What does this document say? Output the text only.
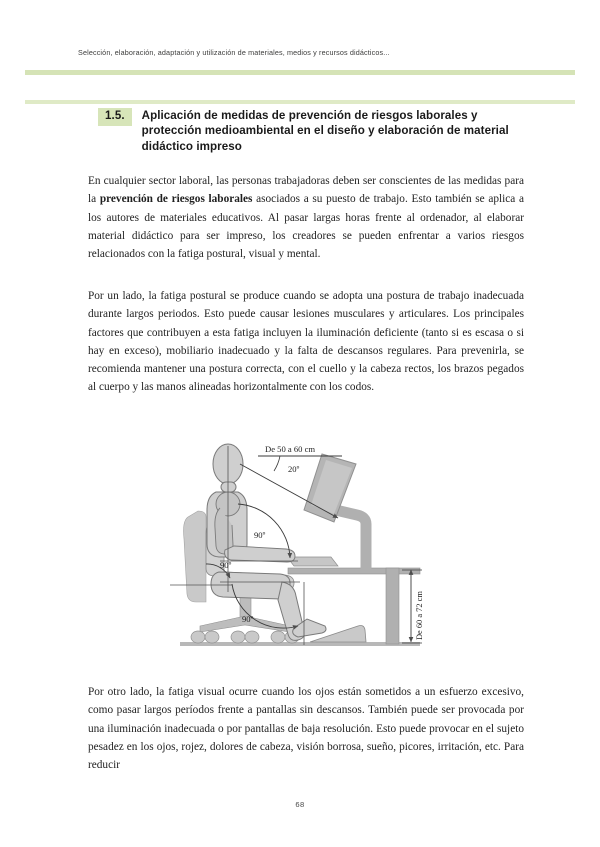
Selección, elaboración, adaptación y utilización de materiales, medios y recursos didácticos...
1.5.	Aplicación de medidas de prevención de riesgos laborales y protección medioambiental en el diseño y elaboración de material didáctico impreso

En cualquier sector laboral, las personas trabajadoras deben ser conscientes de las medidas para la prevención de riesgos laborales asociados a su puesto de trabajo. Esto también se aplica a los autores de materiales educativos. Al pasar largas horas frente al ordenador, al elaborar material didáctico para ser impreso, los creadores se pueden enfrentar a varios riesgos relacionados con la fatiga postural, visual y mental.

Por un lado, la fatiga postural se produce cuando se adopta una postura de trabajo inadecuada durante largos periodos. Esto puede causar lesiones musculares y articulares. Los principales factores que contribuyen a esta fatiga incluyen la iluminación deficiente (tanto si es escasa o si hay en exceso), mobiliario inadecuado y la falta de descansos regulares. Para prevenirla, se recomienda mantener una postura correcta, con el cuello y la cabeza rectos, los brazos pegados al cuerpo y las manos alineadas horizontalmente con los codos.

De 50 a 60 cm
20º
90º
90º
90º	De 60 a 72 cm

Por otro lado, la fatiga visual ocurre cuando los ojos están sometidos a un esfuerzo excesivo, como pasar largos períodos frente a pantallas sin descansos. También puede ser provocada por una iluminación inadecuada o por pantallas de baja resolución. Esto puede provocar en el sujeto pesadez en los ojos, rojez, dolores de cabeza, visión borrosa, sueño, picores, irritación, etc. Para reducir

68
